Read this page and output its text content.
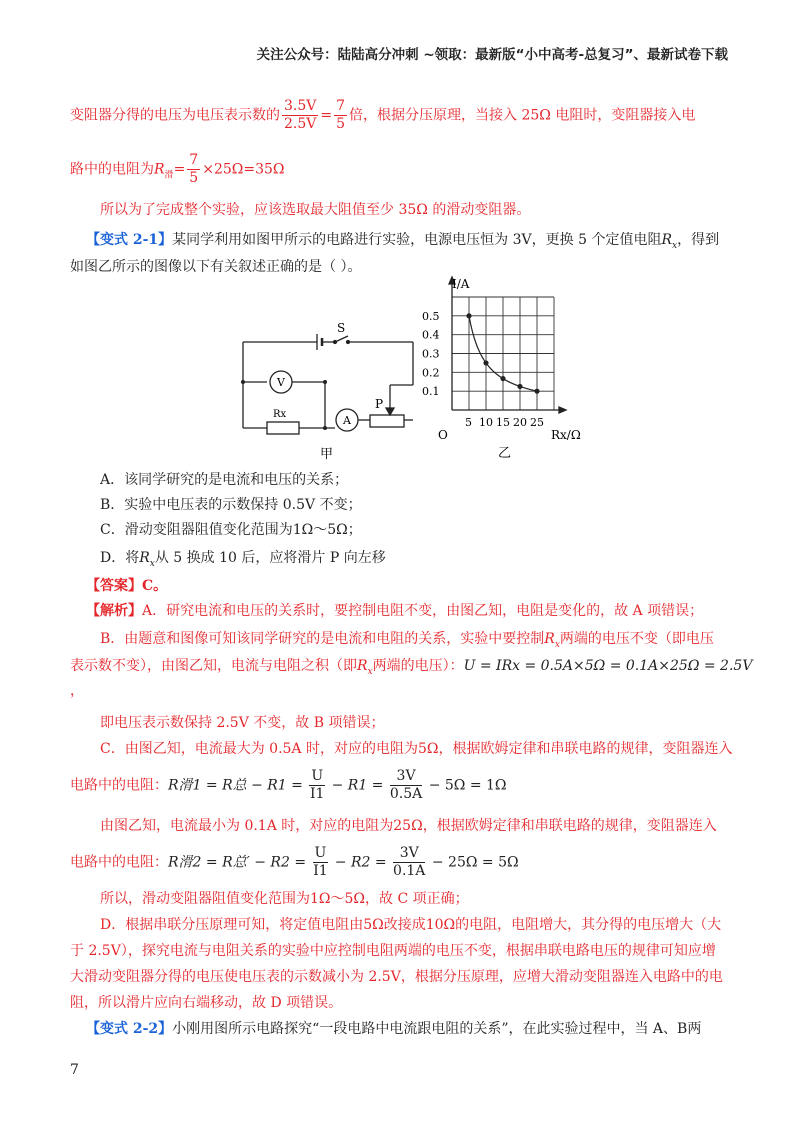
关注公众号：陆陆高分冲刺 ~领取：最新版“小中高考-总复习”、最新试卷下载
变阻器分得的电压为电压表示数的 $\frac{3.5V}{2.5V} = \frac{7}{5}$ 倍，根据分压原理，当接入 25Ω 电阻时，变阻器接入电
路中的电阻为$R_滑= \frac{7}{5} \times 25\Omega=35\Omega$
所以为了完成整个实验，应该选取最大阻值至少 35Ω 的滑动变阻器。
【变式 2-1】某同学利用如图甲所示的电路进行实验，电源电压恒为 3V，更换 5 个定值电阻$R_x$，得到
如图乙所示的图像以下有关叙述正确的是（ ）。
S
V
A
Rx
P
甲
0.5
0.4
0.3
0.2
0.1
5 10 15 20 25
I/A
Rx/Ω
O
乙
A．该同学研究的是电流和电压的关系；
B．实验中电压表的示数保持 0.5V 不变；
C．滑动变阻器阻值变化范围为1Ω～5Ω；
D．将$R_x$从 5 换成 10 后，应将滑片 P 向左移
【答案】C。
【解析】A．研究电流和电压的关系时，要控制电阻不变，由图乙知，电阻是变化的，故 A 项错误；
B．由题意和图像可知该同学研究的是电流和电阻的关系，实验中要控制$R_x$两端的电压不变（即电压
表示数不变），由图乙知，电流与电阻之积（即$R_x$两端的电压）：U = IRx = 0.5A×5Ω = 0.1A×25Ω = 2.5V
，
即电压表示数保持 2.5V 不变，故 B 项错误；
C．由图乙知，电流最大为 0.5A 时，对应的电阻为5Ω，根据欧姆定律和串联电路的规律，变阻器连入
电路中的电阻：R滑1 = R总 − $R1 = \frac{U}{I1} - R1 = \frac{3V}{0.5A} - 5\Omega = 1\Omega$
由图乙知，电流最小为 0.1A 时，对应的电阻为25Ω，根据欧姆定律和串联电路的规律，变阻器连入
电路中的电阻：R滑2 = R总′ − $R2 = \frac{U}{I1} - R2 = \frac{3V}{0.1A} - 25\Omega = 5\Omega$
所以，滑动变阻器阻值变化范围为1Ω～5Ω，故 C 项正确；
D．根据串联分压原理可知，将定值电阻由5Ω改接成10Ω的电阻，电阻增大，其分得的电压增大（大
于 2.5V），探究电流与电阻关系的实验中应控制电阻两端的电压不变，根据串联电路电压的规律可知应增
大滑动变阻器分得的电压使电压表的示数减小为 2.5V，根据分压原理，应增大滑动变阻器连入电路中的电
阻，所以滑片应向右端移动，故 D 项错误。
【变式 2-2】小刚用图所示电路探究“一段电路中电流跟电阻的关系”，在此实验过程中，当 A、B两
7
